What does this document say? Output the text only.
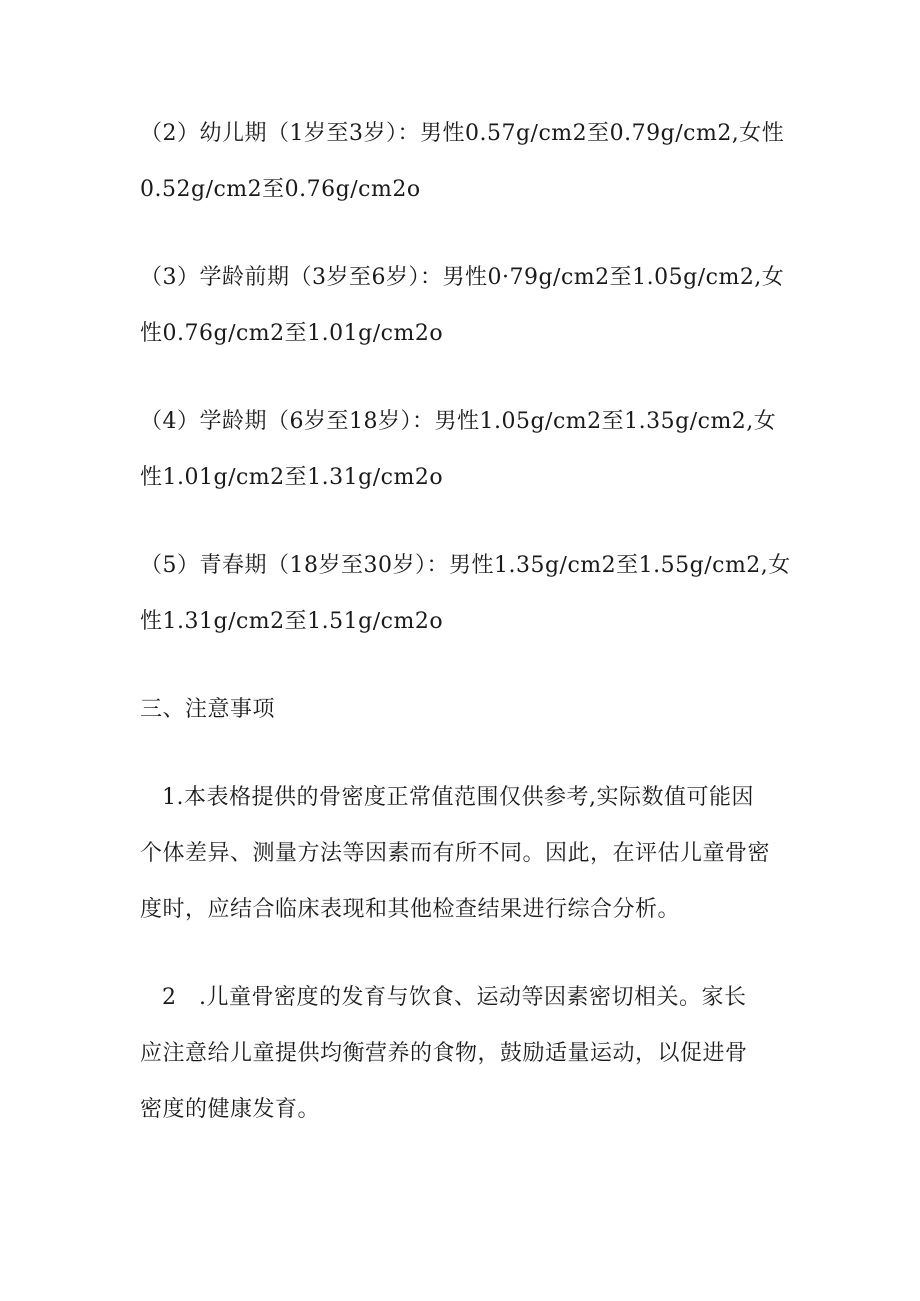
（2）幼儿期（1岁至3岁）：男性0.57g∕cm2至0.79g∕cm2,女性
0.52g∕cm2至0.76g∕cm2o
（3）学龄前期（3岁至6岁）：男性0·79g∕cm2至1.05g∕cm2,女
性0.76g∕cm2至1.01g∕cm2o
（4）学龄期（6岁至18岁）：男性1.05g∕cm2至1.35g∕cm2,女
性1.01g∕cm2至1.31g∕cm2o
（5）青春期（18岁至30岁）：男性1.35g∕cm2至1.55g∕cm2,女
性1.31g∕cm2至1.51g∕cm2o
三、注意事项
1.本表格提供的骨密度正常值范围仅供参考,实际数值可能因
个体差异、测量方法等因素而有所不同。因此，在评估儿童骨密
度时，应结合临床表现和其他检查结果进行综合分析。
2　.儿童骨密度的发育与饮食、运动等因素密切相关。家长
应注意给儿童提供均衡营养的食物，鼓励适量运动，以促进骨
密度的健康发育。
